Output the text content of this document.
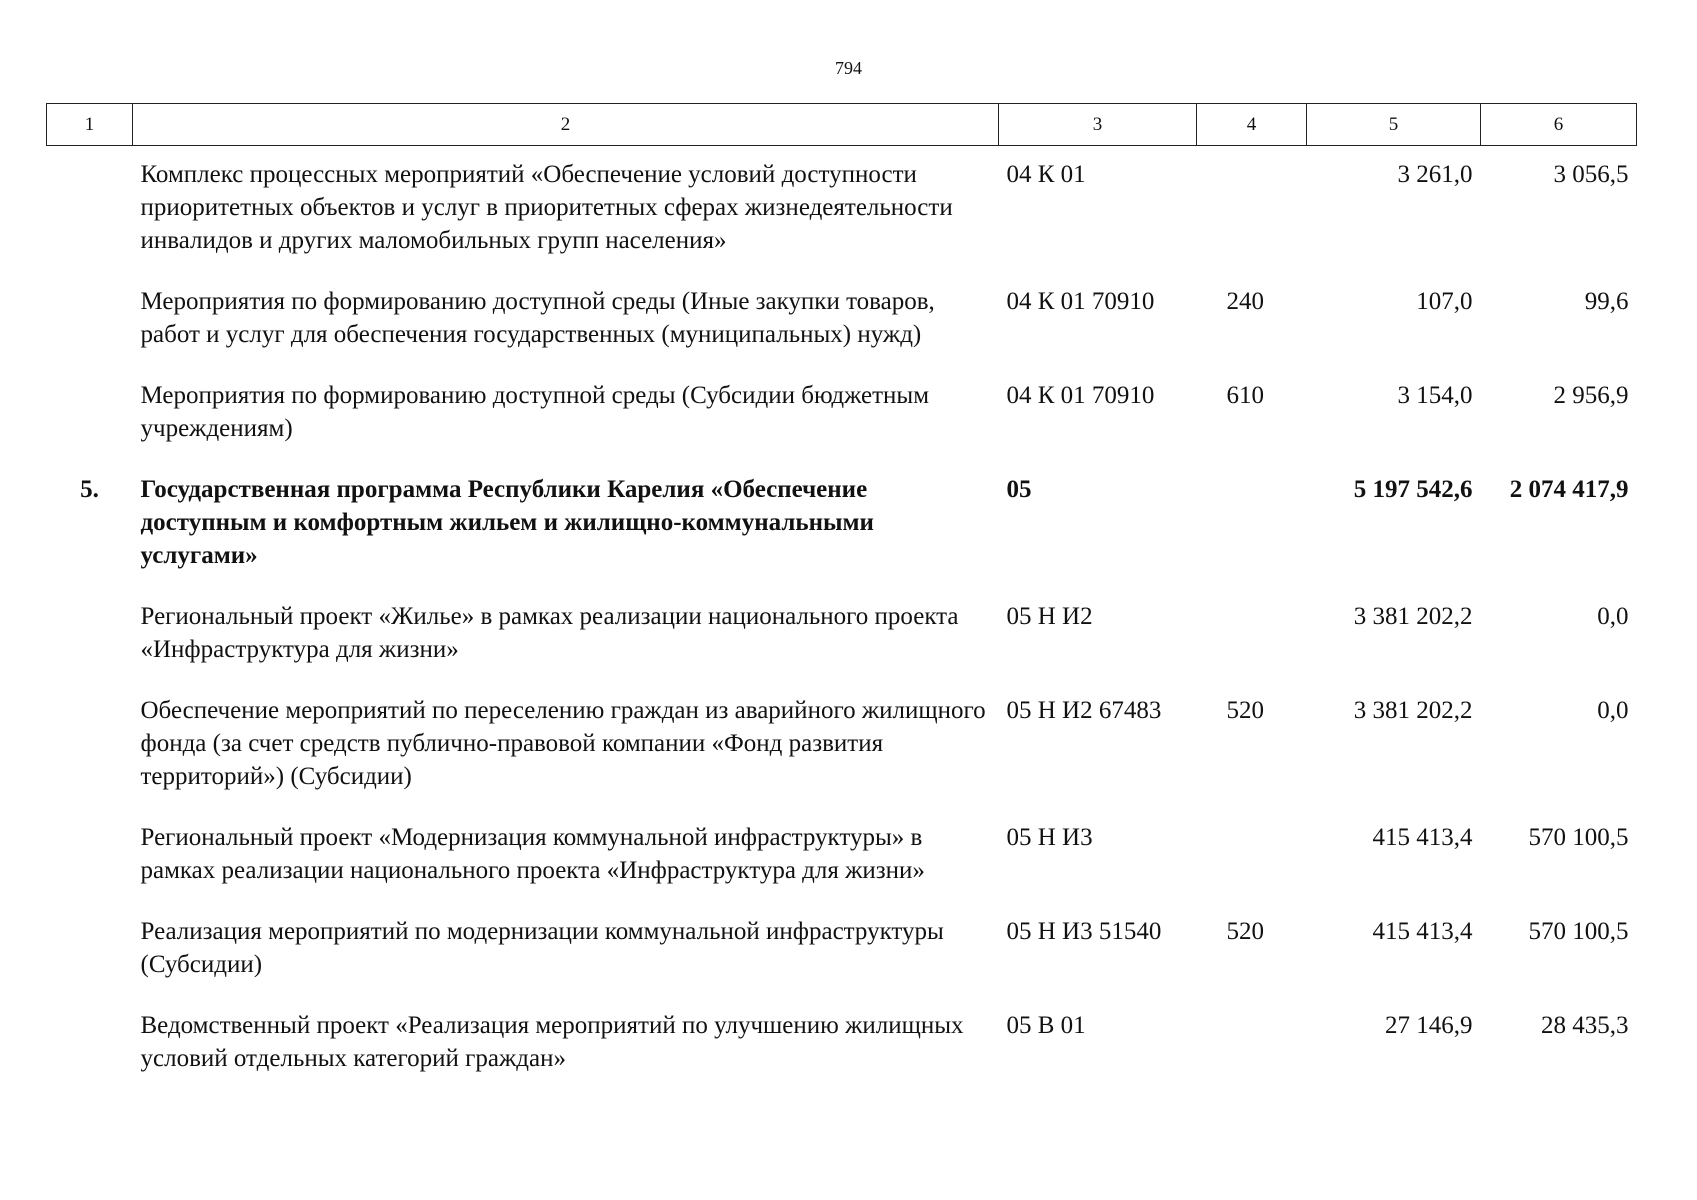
794
1	2	3	4	5	6
	Комплекс процессных мероприятий «Обеспечение условий доступности приоритетных объектов и услуг в приоритетных сферах жизнедеятельности инвалидов и других маломобильных групп населения»	04 К 01		3 261,0	3 056,5
	Мероприятия по формированию доступной среды (Иные закупки товаров, работ и услуг для обеспечения государственных (муниципальных) нужд)	04 К 01 70910	240	107,0	99,6
	Мероприятия по формированию доступной среды (Субсидии бюджетным учреждениям)	04 К 01 70910	610	3 154,0	2 956,9
5.	Государственная программа Республики Карелия «Обеспечение доступным и комфортным жильем и жилищно-коммунальными услугами»	05		5 197 542,6	2 074 417,9
	Региональный проект «Жилье» в рамках реализации национального проекта «Инфраструктура для жизни»	05 Н И2		3 381 202,2	0,0
	Обеспечение мероприятий по переселению граждан из аварийного жилищного фонда (за счет средств публично-правовой компании «Фонд развития территорий») (Субсидии)	05 Н И2 67483	520	3 381 202,2	0,0
	Региональный проект «Модернизация коммунальной инфраструктуры» в рамках реализации национального проекта «Инфраструктура для жизни»	05 Н И3		415 413,4	570 100,5
	Реализация мероприятий по модернизации коммунальной инфраструктуры (Субсидии)	05 Н И3 51540	520	415 413,4	570 100,5
	Ведомственный проект «Реализация мероприятий по улучшению жилищных условий отдельных категорий граждан»	05 В 01		27 146,9	28 435,3
